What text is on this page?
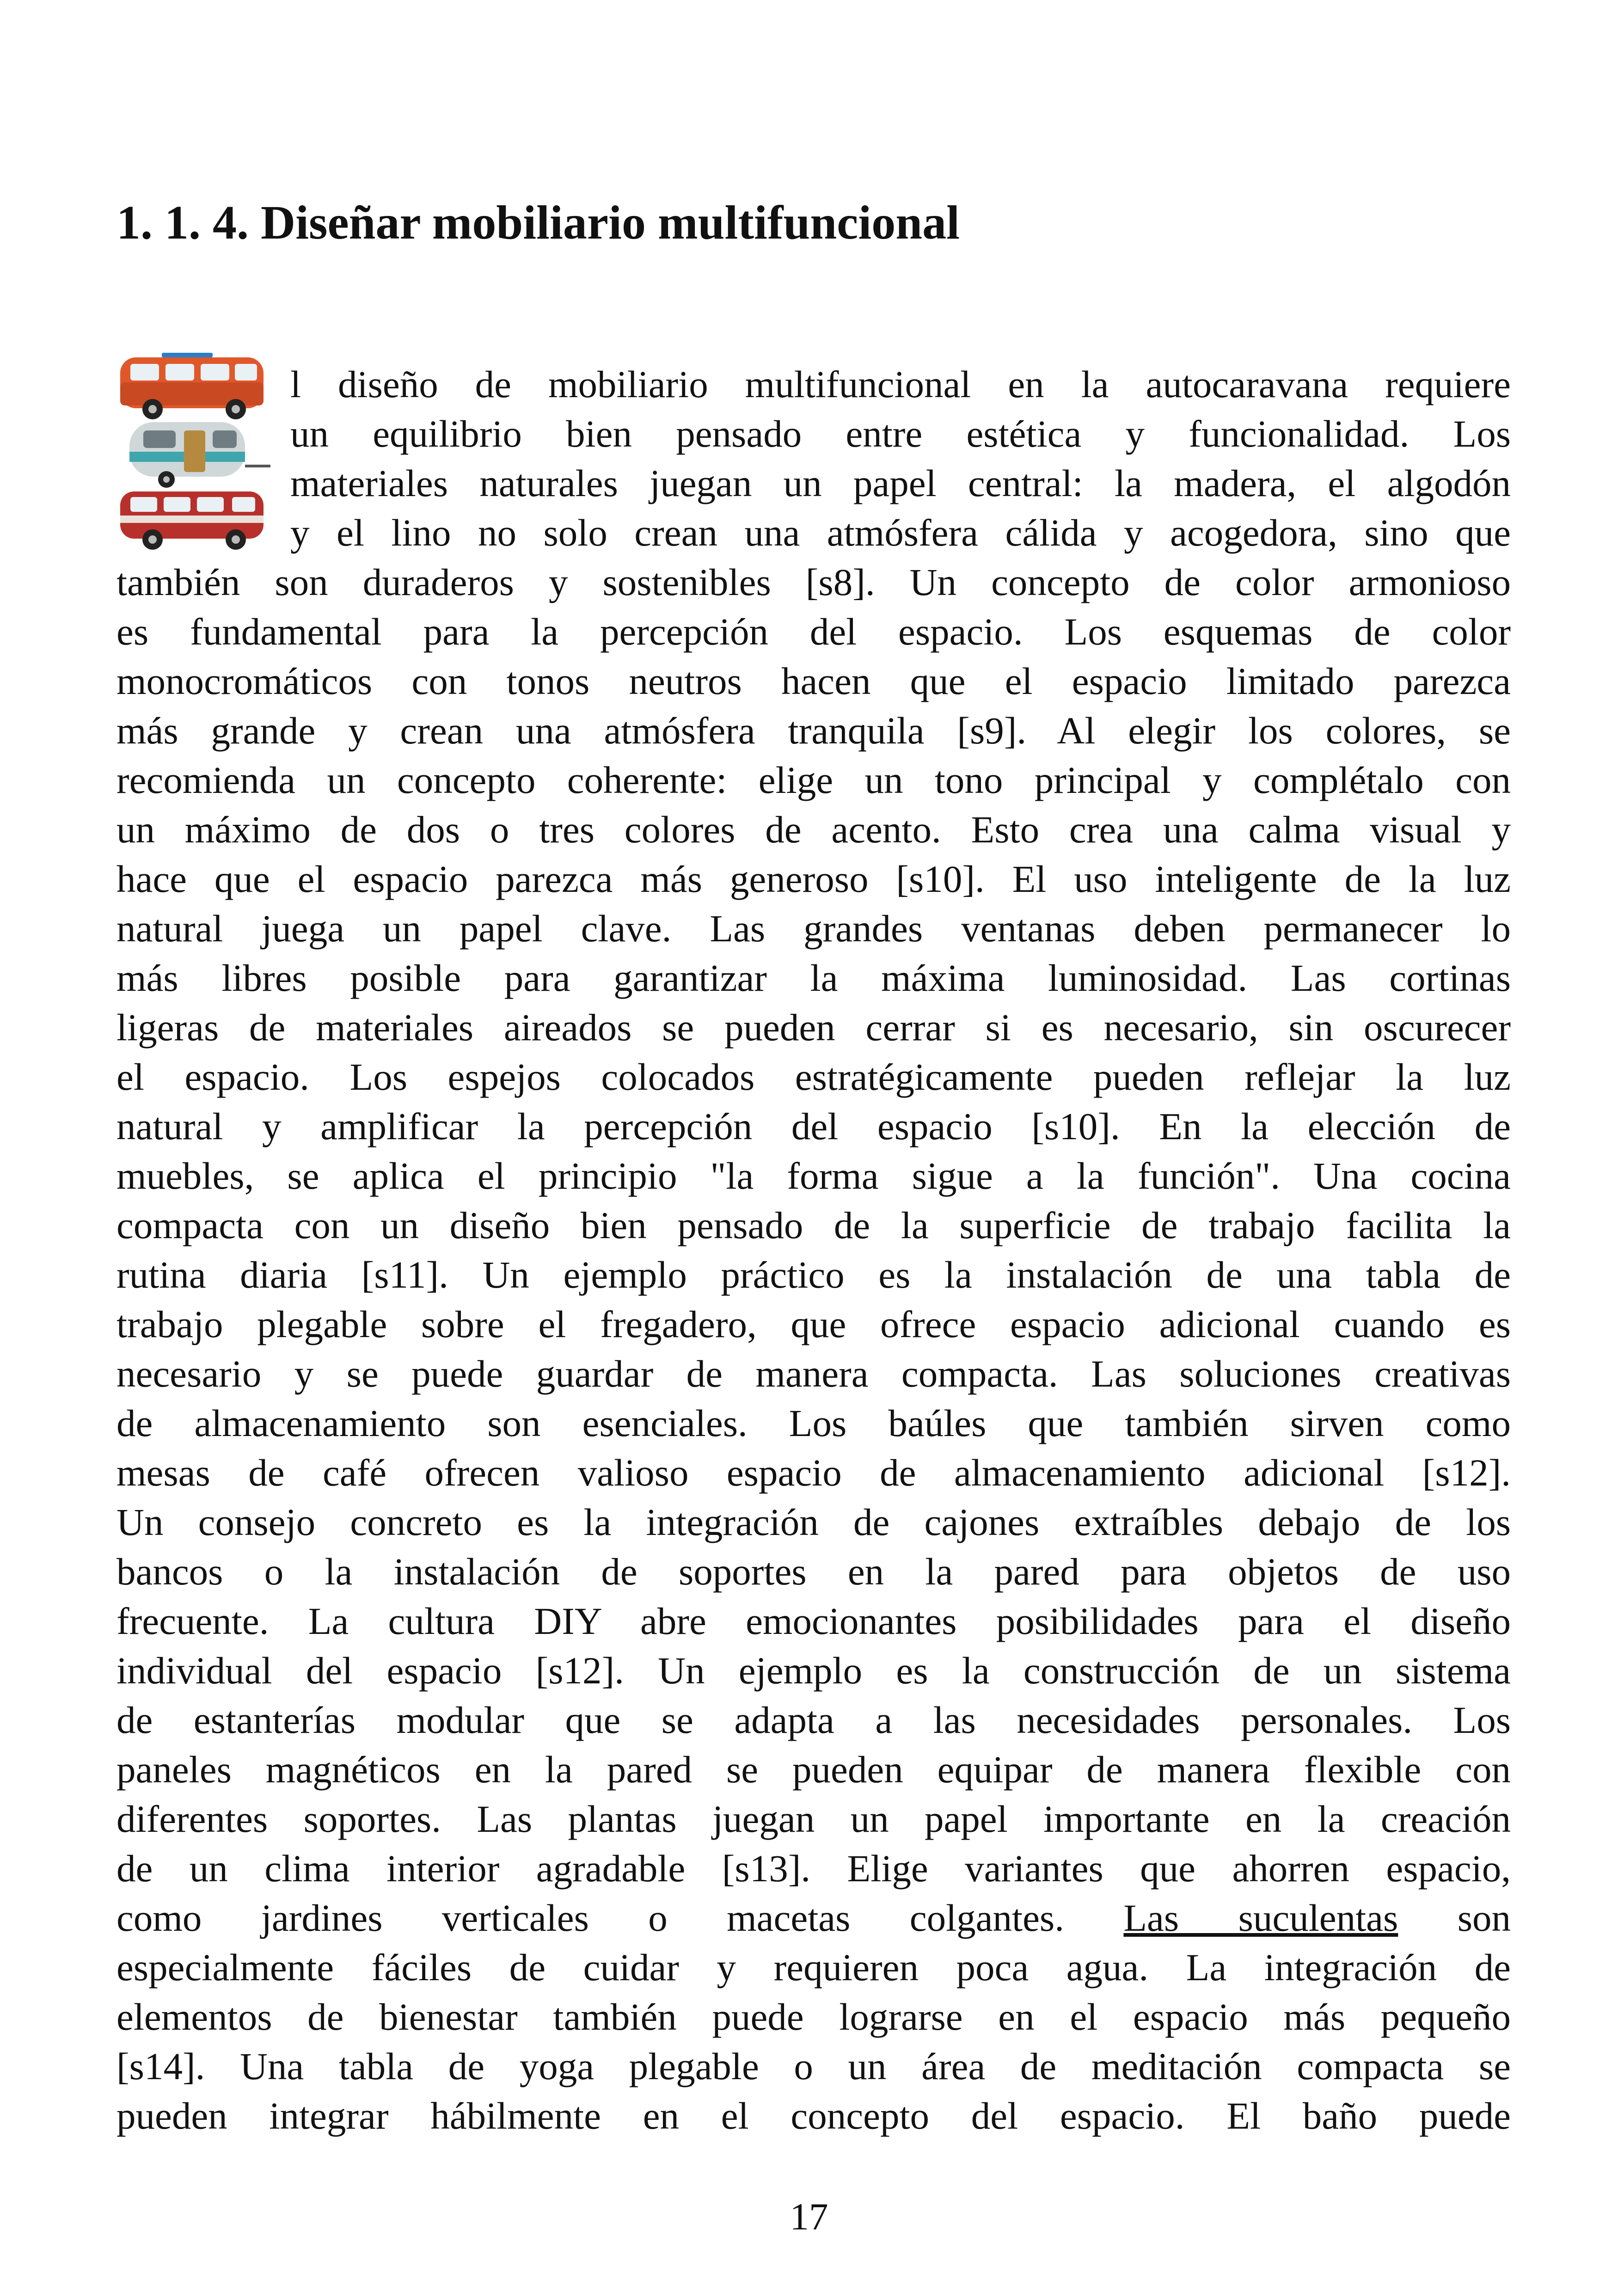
1. 1. 4. Diseñar mobiliario multifuncional
l diseño de mobiliario multifuncional en la autocaravana requiere
un equilibrio bien pensado entre estética y funcionalidad. Los
materiales naturales juegan un papel central: la madera, el algodón
y el lino no solo crean una atmósfera cálida y acogedora, sino que
también son duraderos y sostenibles [s8]. Un concepto de color armonioso
es fundamental para la percepción del espacio. Los esquemas de color
monocromáticos con tonos neutros hacen que el espacio limitado parezca
más grande y crean una atmósfera tranquila [s9]. Al elegir los colores, se
recomienda un concepto coherente: elige un tono principal y complétalo con
un máximo de dos o tres colores de acento. Esto crea una calma visual y
hace que el espacio parezca más generoso [s10]. El uso inteligente de la luz
natural juega un papel clave. Las grandes ventanas deben permanecer lo
más libres posible para garantizar la máxima luminosidad. Las cortinas
ligeras de materiales aireados se pueden cerrar si es necesario, sin oscurecer
el espacio. Los espejos colocados estratégicamente pueden reflejar la luz
natural y amplificar la percepción del espacio [s10]. En la elección de
muebles, se aplica el principio "la forma sigue a la función". Una cocina
compacta con un diseño bien pensado de la superficie de trabajo facilita la
rutina diaria [s11]. Un ejemplo práctico es la instalación de una tabla de
trabajo plegable sobre el fregadero, que ofrece espacio adicional cuando es
necesario y se puede guardar de manera compacta. Las soluciones creativas
de almacenamiento son esenciales. Los baúles que también sirven como
mesas de café ofrecen valioso espacio de almacenamiento adicional [s12].
Un consejo concreto es la integración de cajones extraíbles debajo de los
bancos o la instalación de soportes en la pared para objetos de uso
frecuente. La cultura DIY abre emocionantes posibilidades para el diseño
individual del espacio [s12]. Un ejemplo es la construcción de un sistema
de estanterías modular que se adapta a las necesidades personales. Los
paneles magnéticos en la pared se pueden equipar de manera flexible con
diferentes soportes. Las plantas juegan un papel importante en la creación
de un clima interior agradable [s13]. Elige variantes que ahorren espacio,
como jardines verticales o macetas colgantes. Las suculentas son
especialmente fáciles de cuidar y requieren poca agua. La integración de
elementos de bienestar también puede lograrse en el espacio más pequeño
[s14]. Una tabla de yoga plegable o un área de meditación compacta se
pueden integrar hábilmente en el concepto del espacio. El baño puede
17
